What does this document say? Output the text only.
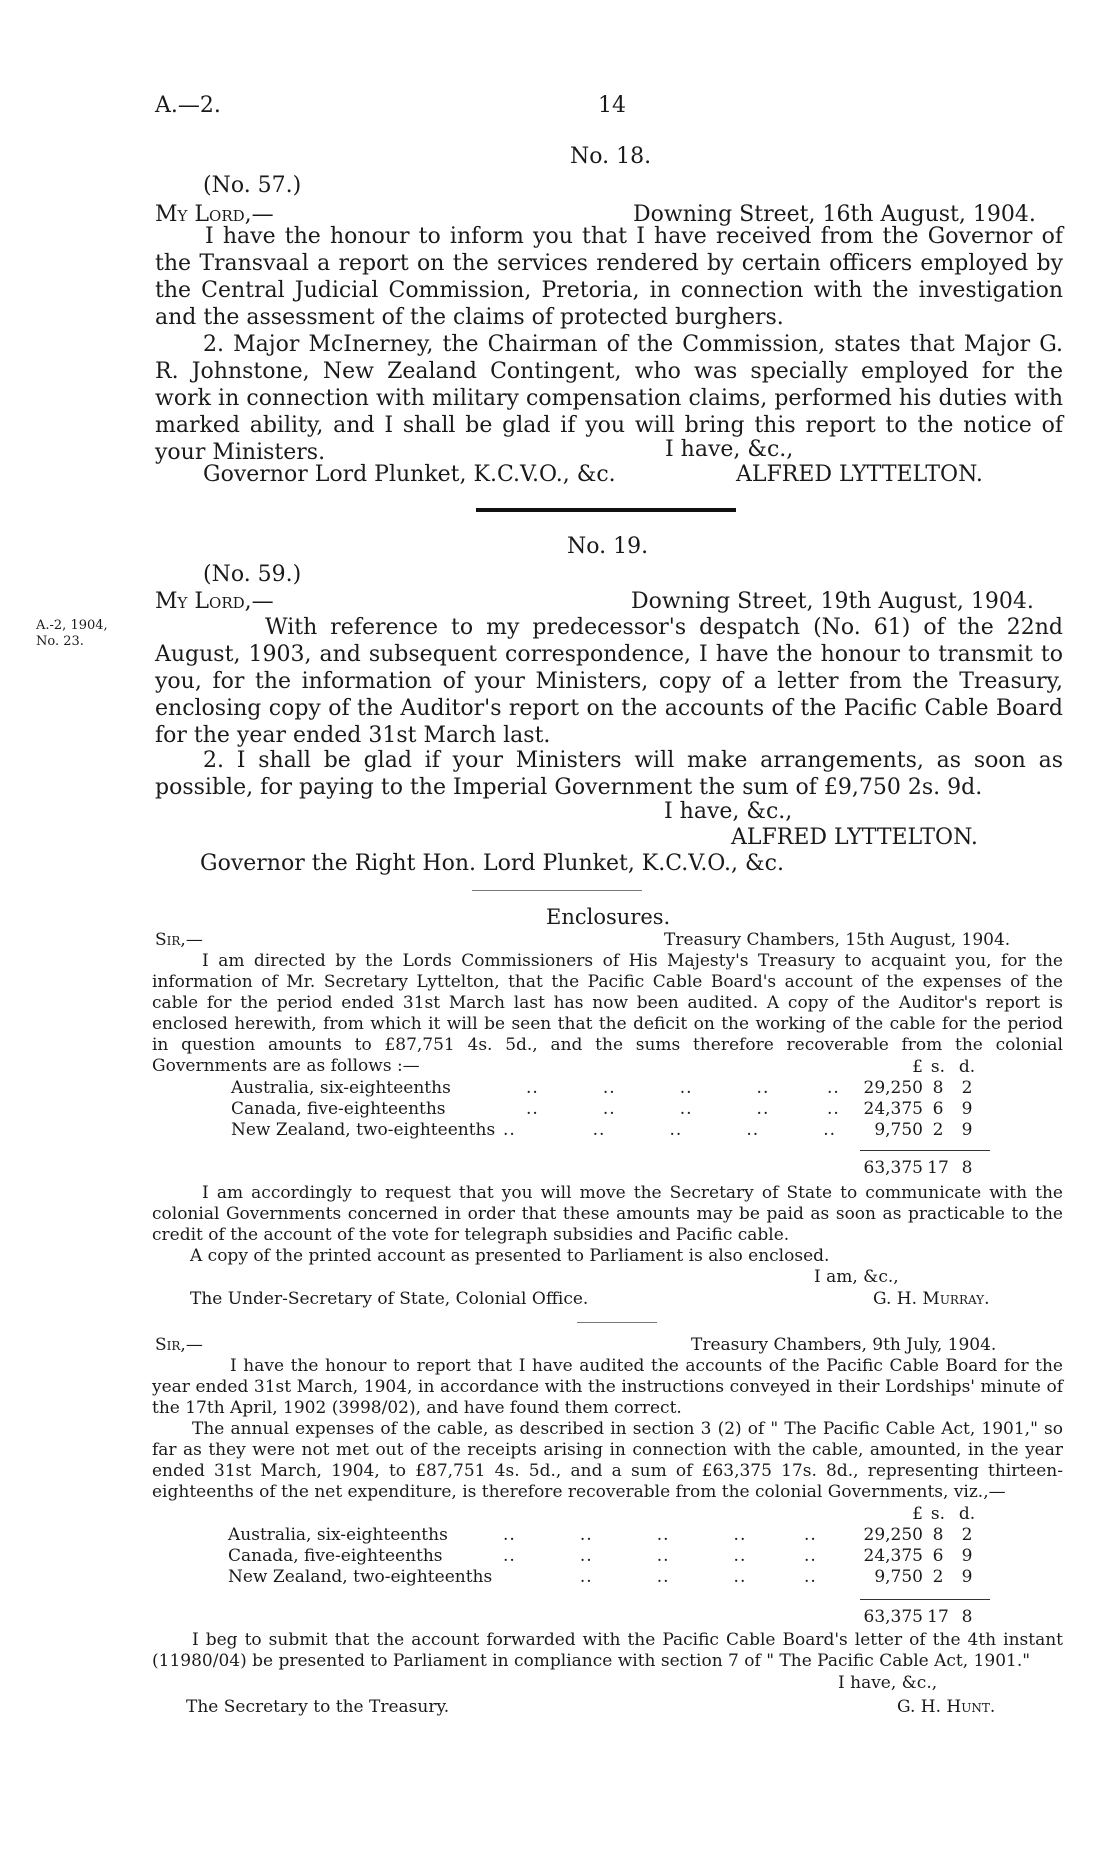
A.—2.	14
No. 18.
(No. 57.)
My Lord,—	Downing Street, 16th August, 1904.
I have the honour to inform you that I have received from the Governor of the Transvaal a report on the services rendered by certain officers employed by the Central Judicial Commission, Pretoria, in connection with the investigation and the assessment of the claims of protected burghers.
2. Major McInerney, the Chairman of the Commission, states that Major G. R. Johnstone, New Zealand Contingent, who was specially employed for the work in connection with military compensation claims, performed his duties with marked ability, and I shall be glad if you will bring this report to the notice of your Ministers.	I have, &c.,
Governor Lord Plunket, K.C.V.O., &c.	ALFRED LYTTELTON.
No. 19.
(No. 59.)
My Lord,—	Downing Street, 19th August, 1904.
A.-2, 1904,
No. 23.
With reference to my predecessor's despatch (No. 61) of the 22nd August, 1903, and subsequent correspondence, I have the honour to transmit to you, for the information of your Ministers, copy of a letter from the Treasury, enclosing copy of the Auditor's report on the accounts of the Pacific Cable Board for the year ended 31st March last.
2. I shall be glad if your Ministers will make arrangements, as soon as possible, for paying to the Imperial Government the sum of £9,750 2s. 9d.
I have, &c.,
ALFRED LYTTELTON.
Governor the Right Hon. Lord Plunket, K.C.V.O., &c.
Enclosures.
Sir,—	Treasury Chambers, 15th August, 1904.
I am directed by the Lords Commissioners of His Majesty's Treasury to acquaint you, for the information of Mr. Secretary Lyttelton, that the Pacific Cable Board's account of the expenses of the cable for the period ended 31st March last has now been audited. A copy of the Auditor's report is enclosed herewith, from which it will be seen that the deficit on the working of the cable for the period in question amounts to £87,751 4s. 5d., and the sums therefore recoverable from the colonial
Governments are as follows :—
		£	s.	d.
Australia, six-eighteenths ..          ..          ..          ..         ..	29,250	8	2
Canada, five-eighteenths ..          ..          ..          ..         ..	24,375	6	9
New Zealand, two-eighteenths ..            ..          ..          ..          ..	9,750	2	9
63,375	17	8
I am accordingly to request that you will move the Secretary of State to communicate with the colonial Governments concerned in order that these amounts may be paid as soon as practicable to the credit of the account of the vote for telegraph subsidies and Pacific cable.
A copy of the printed account as presented to Parliament is also enclosed.
I am, &c.,
The Under-Secretary of State, Colonial Office.	G. H. Murray.
Sir,—	Treasury Chambers, 9th July, 1904.
I have the honour to report that I have audited the accounts of the Pacific Cable Board for the year ended 31st March, 1904, in accordance with the instructions conveyed in their Lordships' minute of the 17th April, 1902 (3998/02), and have found them correct.
The annual expenses of the cable, as described in section 3 (2) of " The Pacific Cable Act, 1901," so far as they were not met out of the receipts arising in connection with the cable, amounted, in the year ended 31st March, 1904, to £87,751 4s. 5d., and a sum of £63,375 17s. 8d., representing thirteen-eighteenths of the net expenditure, is therefore recoverable from the colonial Governments, viz.,—
	£	s.	d.
Australia, six-eighteenths ..          ..          ..          ..         ..	29,250	8	2
Canada, five-eighteenths ..          ..          ..          ..         ..	24,375	6	9
New Zealand, two-eighteenths ..          ..          ..         ..	9,750	2	9
63,375	17	8
I beg to submit that the account forwarded with the Pacific Cable Board's letter of the 4th instant (11980/04) be presented to Parliament in compliance with section 7 of " The Pacific Cable Act, 1901."
I have, &c.,
The Secretary to the Treasury.	G. H. Hunt.
